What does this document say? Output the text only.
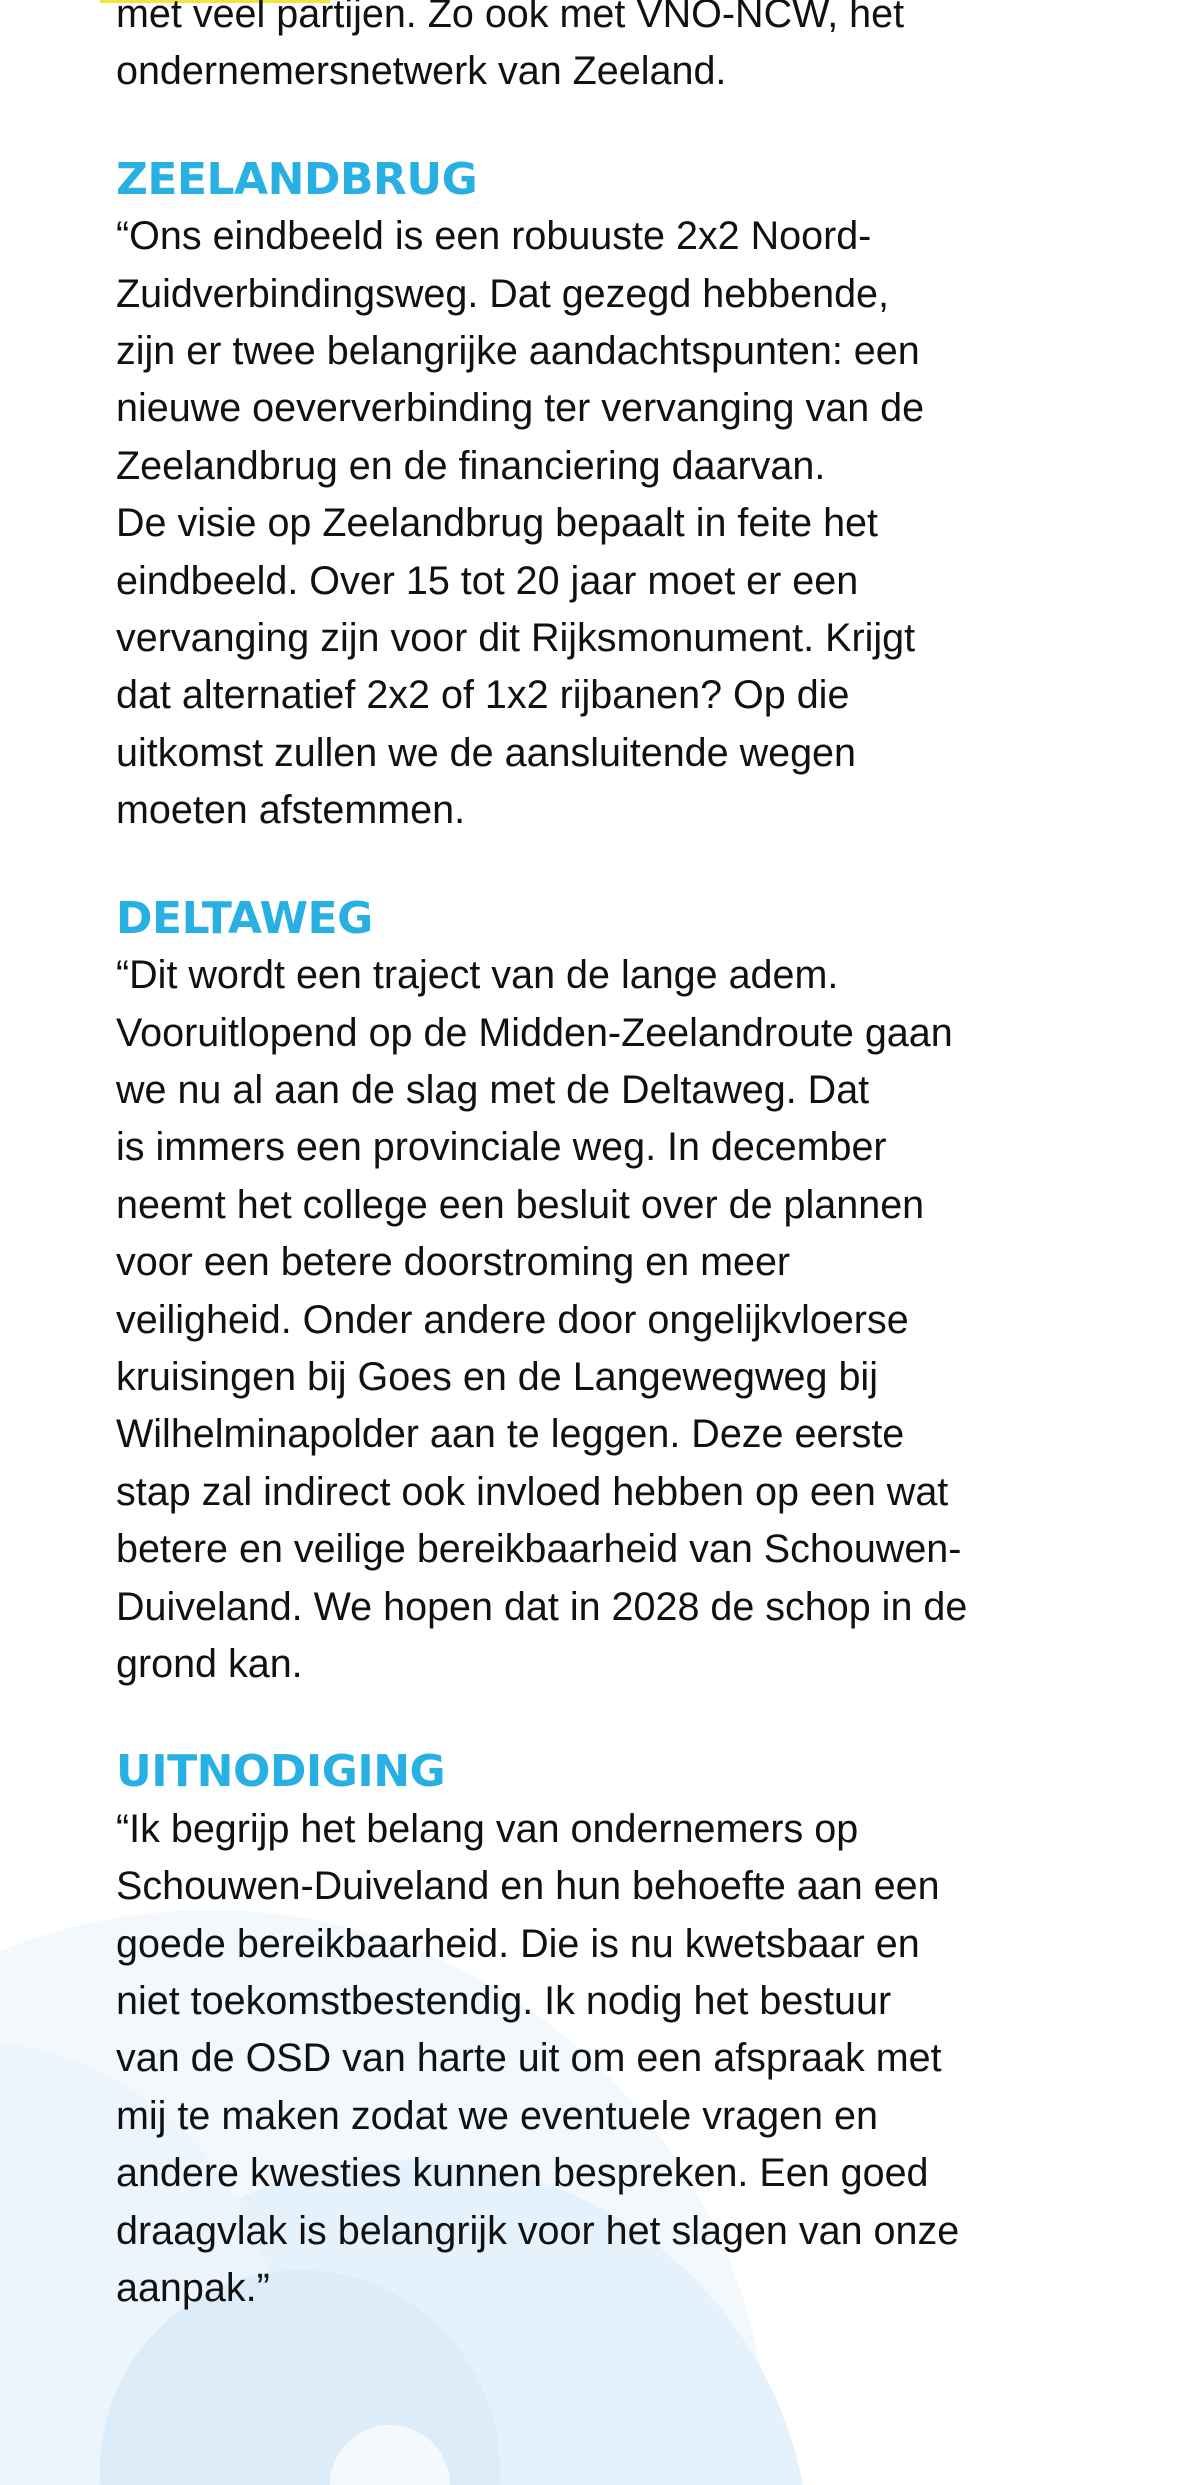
met veel partijen. Zo ook met VNO-NCW, het
ondernemersnetwerk van Zeeland.

ZEELANDBRUG

“Ons eindbeeld is een robuuste 2x2 Noord-
Zuidverbindingsweg. Dat gezegd hebbende,
zijn er twee belangrijke aandachtspunten: een
nieuwe oeververbinding ter vervanging van de
Zeelandbrug en de financiering daarvan.
De visie op Zeelandbrug bepaalt in feite het
eindbeeld. Over 15 tot 20 jaar moet er een
vervanging zijn voor dit Rijksmonument. Krijgt
dat alternatief 2x2 of 1x2 rijbanen? Op die
uitkomst zullen we de aansluitende wegen
moeten afstemmen.

DELTAWEG

“Dit wordt een traject van de lange adem.
Vooruitlopend op de Midden-Zeelandroute gaan
we nu al aan de slag met de Deltaweg. Dat
is immers een provinciale weg. In december
neemt het college een besluit over de plannen
voor een betere doorstroming en meer
veiligheid. Onder andere door ongelijkvloerse
kruisingen bij Goes en de Langewegweg bij
Wilhelminapolder aan te leggen. Deze eerste
stap zal indirect ook invloed hebben op een wat
betere en veilige bereikbaarheid van Schouwen-
Duiveland. We hopen dat in 2028 de schop in de
grond kan.

UITNODIGING

“Ik begrijp het belang van ondernemers op
Schouwen-Duiveland en hun behoefte aan een
goede bereikbaarheid. Die is nu kwetsbaar en
niet toekomstbestendig. Ik nodig het bestuur
van de OSD van harte uit om een afspraak met
mij te maken zodat we eventuele vragen en
andere kwesties kunnen bespreken. Een goed
draagvlak is belangrijk voor het slagen van onze
aanpak.”
